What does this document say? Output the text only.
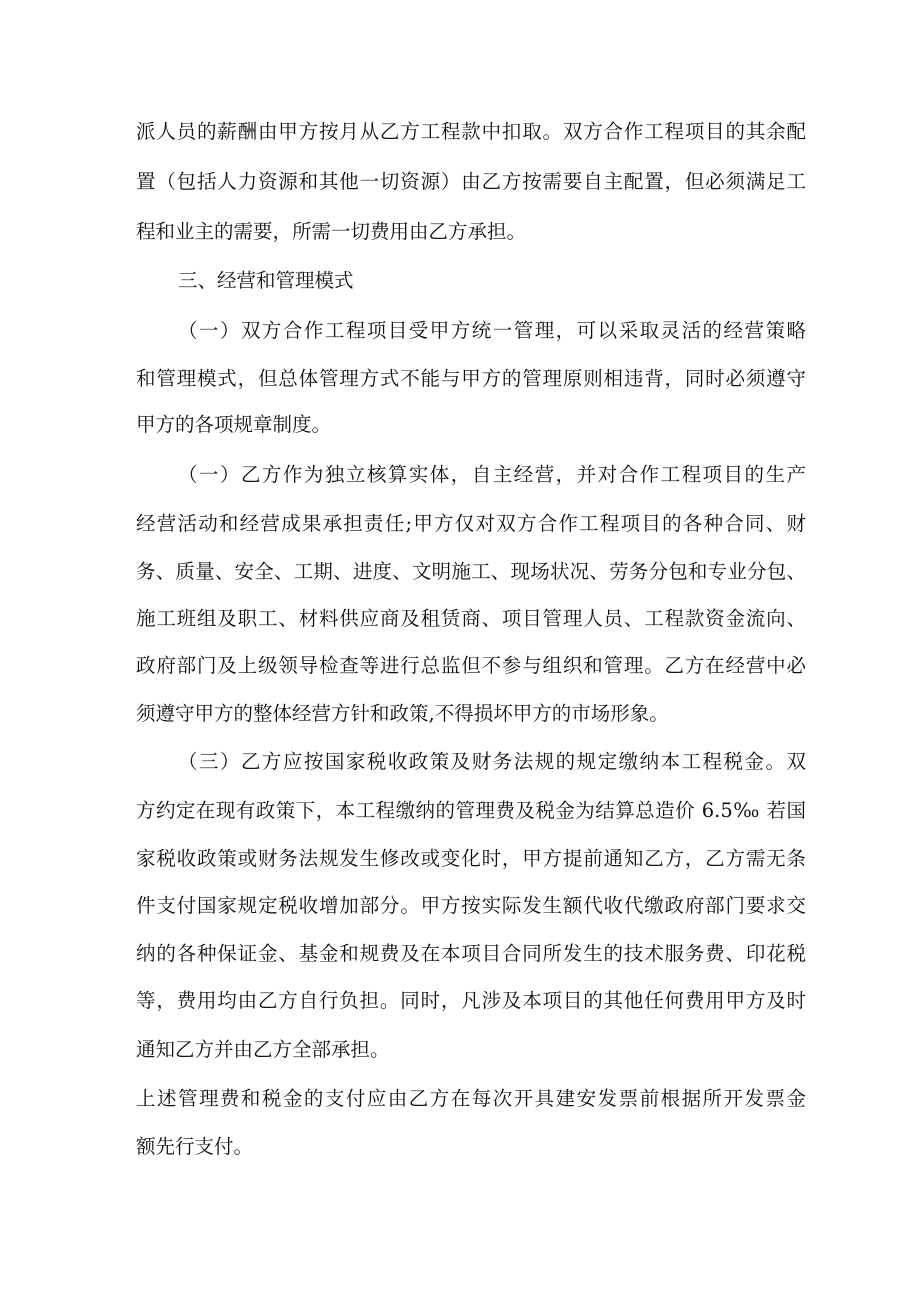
派人员的薪酬由甲方按月从乙方工程款中扣取。双方合作工程项目的其余配
置（包括人力资源和其他一切资源）由乙方按需要自主配置，但必须满足工
程和业主的需要，所需一切费用由乙方承担。
三、经营和管理模式
（一）双方合作工程项目受甲方统一管理，可以采取灵活的经营策略
和管理模式，但总体管理方式不能与甲方的管理原则相违背，同时必须遵守
甲方的各项规章制度。
（一）乙方作为独立核算实体，自主经营，并对合作工程项目的生产
经营活动和经营成果承担责任;甲方仅对双方合作工程项目的各种合同、财
务、质量、安全、工期、进度、文明施工、现场状况、劳务分包和专业分包、
施工班组及职工、材料供应商及租赁商、项目管理人员、工程款资金流向、
政府部门及上级领导检查等进行总监但不参与组织和管理。乙方在经营中必
须遵守甲方的整体经营方针和政策,不得损坏甲方的市场形象。
（三）乙方应按国家税收政策及财务法规的规定缴纳本工程税金。双
方约定在现有政策下，本工程缴纳的管理费及税金为结算总造价 6.5‰ 若国
家税收政策或财务法规发生修改或变化时，甲方提前通知乙方，乙方需无条
件支付国家规定税收增加部分。甲方按实际发生额代收代缴政府部门要求交
纳的各种保证金、基金和规费及在本项目合同所发生的技术服务费、印花税
等，费用均由乙方自行负担。同时，凡涉及本项目的其他任何费用甲方及时
通知乙方并由乙方全部承担。
上述管理费和税金的支付应由乙方在每次开具建安发票前根据所开发票金
额先行支付。
